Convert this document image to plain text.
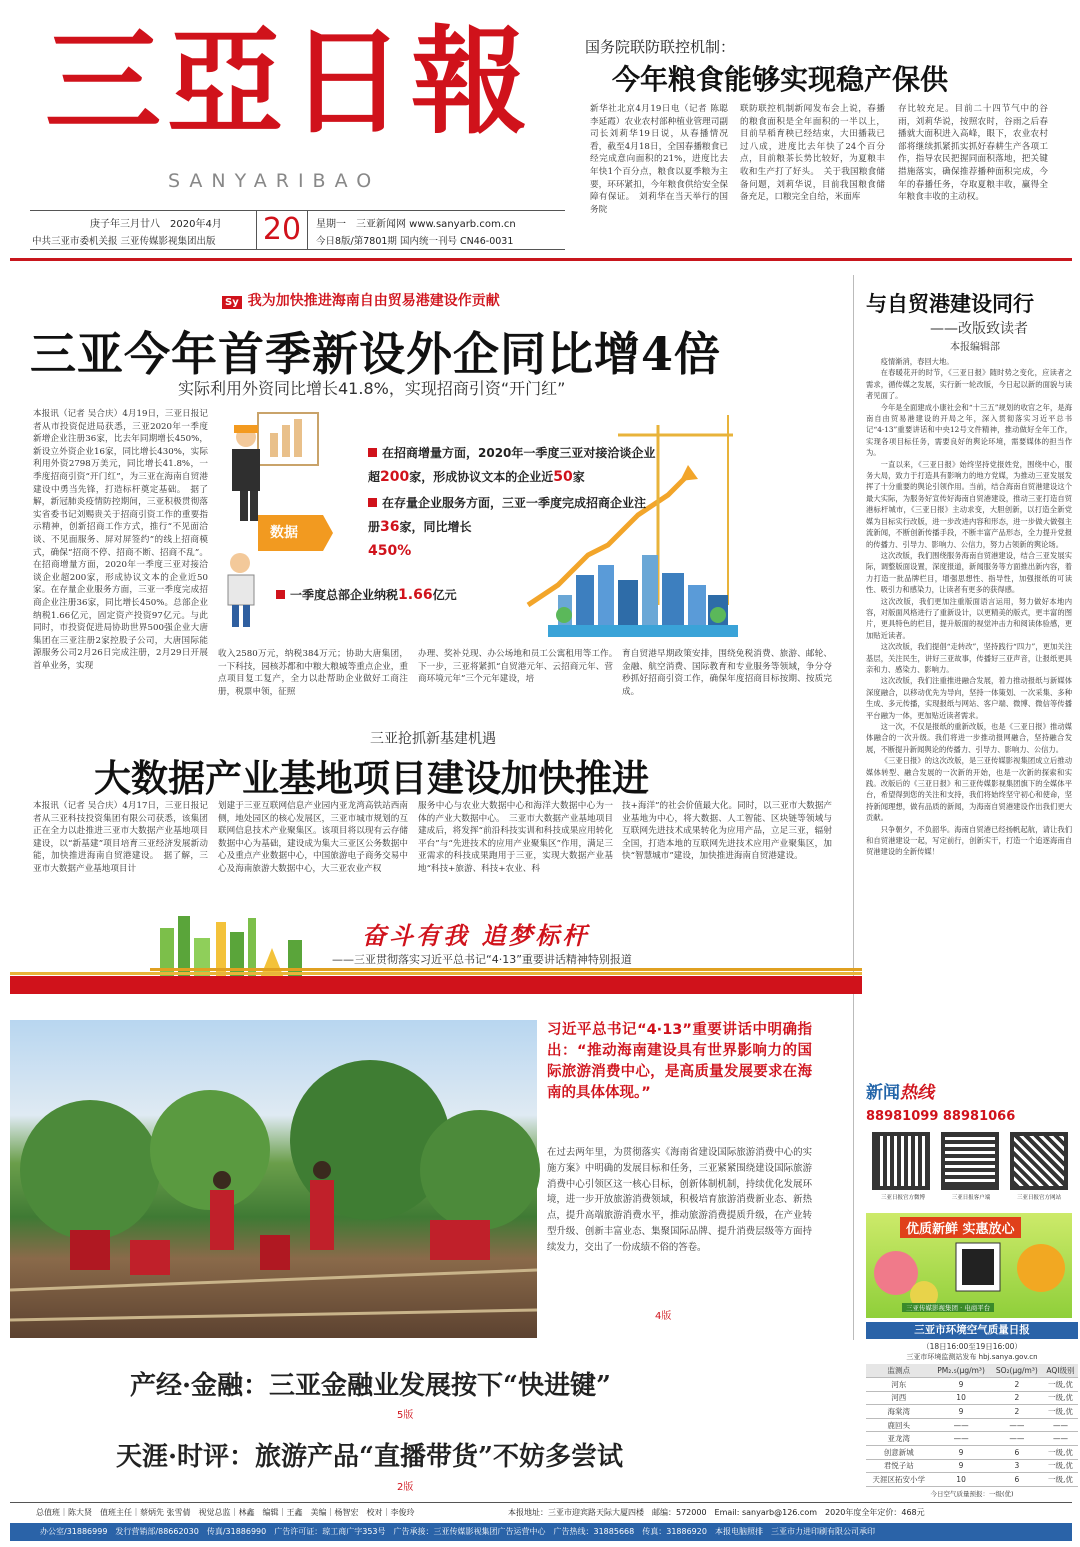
三亞日報
SANYARIBAO
庚子年三月廿八　 2020年4月
中共三亚市委机关报 三亚传媒影视集团出版 20	星期一　三亚新闻网 www.sanyarb.com.cn
今日8版/第7801期 国内统一刊号 CN46-0031
国务院联防联控机制：
今年粮食能够实现稳产保供
新华社北京4月19日电（记者 陈聪 李延霞）农业农村部种植业管理司副司长刘莉华19日说，从春播情况看，截至4月18日，全国春播粮食已经完成意向面积的21%，进度比去年快1个百分点，粮食以夏季粮为主要，环环紧扣，今年粮食供给安全保障有保证。　刘莉华在当天举行的国务院
联防联控机制新闻发布会上说，春播的粮食面积是全年面积的一半以上，目前早稻育秧已经结束，大田播栽已过八成，进度比去年快了24个百分点，目前粮茶长势比较好，为夏粮丰收和生产打了好头。　关于我国粮食储备问题，刘莉华说，目前我国粮食储备充足，口粮完全自给，米面库
存比较充足。目前二十四节气中的谷雨，刘莉华说，按照农时，谷雨之后春播就大面积进入高峰，眼下，农业农村部将继续抓紧抓实抓好春耕生产各项工作，指导农民把握同面积落地，把关键措施落实，确保推荐播种面积完成，今年的春播任务，夺取夏粮丰收，赢得全年粮食丰收的主动权。
Sy 我为加快推进海南自由贸易港建设作贡献
三亚今年首季新设外企同比增4倍
实际利用外资同比增长41.8%，实现招商引资“开门红”
本报讯（记者 吴合庆）4月19日，三亚日报记者从市投资促进局获悉，三亚2020年一季度新增企业注册36家，比去年同期增长450%，新设立外资企业16家，同比增长430%，实际利用外资2798万美元，同比增长41.8%，一季度招商引资“开门红”，为三亚在海南自贸港建设中勇当先锋，打造标杆奠定基础。　据了解，新冠肺炎疫情防控期间，三亚积极贯彻落实省委书记刘赐贵关于招商引资工作的重要指示精神，创新招商工作方式，推行“不见面洽谈、不见面服务、屏对屏签约”的线上招商模式，确保“招商不停、招商不断、招商不乱”。在招商增量方面，2020年一季度三亚对接洽谈企业超200家，形成协议文本的企业近50家。在存量企业服务方面，三亚一季度完成招商企业注册36家，同比增长450%。总部企业纳税1.66亿元，固定资产投资97亿元。与此同时，市投资促进局协助世界500强企业大唐集团在三亚注册2家控股子公司，大唐国际能源服务公司2月26日完成注册，2月29日开展首单业务，实现
数据
在招商增量方面，2020年一季度三亚对接洽谈企业超200家，形成协议文本的企业近50家
在存量企业服务方面，三亚一季度完成招商企业注册36家，同比增长
450%
一季度总部企业纳税1.66亿元
收入2580万元，纳税384万元；协助大唐集团，一下科技，园核苏都和中粮大粮城等重点企业，重点项目复工复产，全力以赴帮助企业做好工商注册，税票申领，征照
办理、奖补兑现、办公场地和员工公寓租用等工作。　下一步，三亚将紧抓“自贸港元年、云招商元年、营商环境元年”三个元年建设，培
育自贸港早期政策安排，围绕免税消费、旅游、邮轮、金融、航空消费、国际教育和专业服务等领域，争分夺秒抓好招商引资工作，确保年度招商目标按期、按质完成。
三亚抢抓新基建机遇
大数据产业基地项目建设加快推进
本报讯（记者 吴合庆）4月17日，三亚日报记者从三亚科技投资集团有限公司获悉，该集团正在全力以赴推进三亚市大数据产业基地项目建设，以“新基建”项目培育三亚经济发展新动能，加快推进海南自贸港建设。　据了解，三亚市大数据产业基地项目计
划建于三亚互联网信息产业园内亚龙湾高铁站西南侧，地处园区的核心发展区，三亚市城市规划的互联网信息技术产业聚集区。该项目将以现有云存储数据中心为基础，建设成为集大三亚区公务数据中心及重点产业数据中心，中国旅游电子商务交易中心及海南旅游大数据中心，大三亚农业产权
服务中心与农业大数据中心和海洋大数据中心为一体的产业大数据中心。　三亚市大数据产业基地项目建成后，将发挥“前沿科技实训和科技成果应用转化平台”与“先进技术的应用产业聚集区”作用，满足三亚需求的科技成果跑用于三亚，实现大数据产业基地“科技+旅游、科技+农业、科
技+海洋”的社会价值最大化。同时，以三亚市大数据产业基地为中心，将大数据、人工智能、区块链等领域与互联网先进技术成果转化为应用产品，立足三亚，辐射全国，打造本地的互联网先进技术应用产业聚集区，加快“智慧城市”建设，加快推进海南自贸港建设。
奋斗有我 追梦标杆
——三亚贯彻落实习近平总书记“4·13”重要讲话精神特别报道
习近平总书记“4·13”重要讲话中明确指出：“推动海南建设具有世界影响力的国际旅游消费中心，是高质量发展要求在海南的具体体现。”
在过去两年里，为贯彻落实《海南省建设国际旅游消费中心的实施方案》中明确的发展目标和任务，三亚紧紧围绕建设国际旅游消费中心引领区这一核心目标，创新体制机制，持续优化发展环境，进一步开放旅游消费领域，积极培育旅游消费新业态、新热点，提升高端旅游消费水平，推动旅游消费提质升级，在产业转型升级、创新丰富业态、集聚国际品牌、提升消费层级等方面持续发力，交出了一份成绩不俗的答卷。
4版
产经·金融：三亚金融业发展按下“快进键”
5版
天涯·时评：旅游产品“直播带货”不妨多尝试
2版
与自贸港建设同行
——改版致读者
本报编辑部

疫情渐消，春回大地。

在春暖花开的时节，《三亚日报》随时势之变化，应读者之需求，循传媒之发展，实行新一轮改版，今日起以新的面貌与读者见面了。

今年是全面建成小康社会和“十三五”规划的收官之年，是海南自由贸易港建设的开局之年，深入贯彻落实习近平总书记“4·13”重要讲话和中央12号文件精神，推动做好全年工作，实现各项目标任务，需要良好的舆论环境，需要媒体的担当作为。

一直以来，《三亚日报》始终坚持党报姓党，围绕中心，服务大局，致力于打造具有影响力的地方党媒，为推动三亚发展发挥了十分重要的舆论引领作用。当前，结合海南自贸港建设这个最大实际，为服务好宣传好海南自贸港建设，推动三亚打造自贸港标杆城市，《三亚日报》主动求变，大胆创新，以打造全新党媒为目标实行改版，进一步改进内容和形态，进一步做大做强主流新闻，不断创新传播手段，不断丰富产品形态，全力提升党报的传播力、引导力、影响力、公信力，努力占领新的舆论场。

这次改版，我们围绕服务海南自贸港建设，结合三亚发展实际，调整版面设置，深度报道，新闻服务等方面推出新内容，着力打造一批品牌栏目，增强思想性、指导性，加强报纸的可读性、吸引力和感染力，让读者有更多的获得感。

这次改版，我们更加注重版面语言运用，努力做好本地内容，对版面风格进行了重新设计，以更精美的版式，更丰富的图片，更具特色的栏目，提升版面的视觉冲击力和阅读体验感，更加贴近读者。

这次改版，我们提倡“走转改”，坚持践行“四力”，更加关注基层，关注民生，讲好三亚故事，传播好三亚声音，让报纸更具亲和力、感染力、影响力。

这次改版，我们注重推进融合发展，着力推动报纸与新媒体深度融合，以移动优先为导向，坚持一体策划、一次采集、多种生成、多元传播，实现报纸与网站、客户端、微博、微信等传播平台融为一体，更加贴近读者需求。

这一次，不仅是报纸的重新改版，也是《三亚日报》推动媒体融合的一次升级。我们将进一步推动报网融合，坚持融合发展，不断提升新闻舆论的传播力、引导力、影响力、公信力。

《三亚日报》的这次改版，是三亚传媒影视集团成立后推动媒体转型、融合发展的一次新的开始，也是一次新的探索和实践。改版后的《三亚日报》和三亚传媒影视集团旗下的全媒体平台，希望得到您的关注和支持，我们将始终坚守初心和使命，坚持新闻理想，做有品质的新闻，为海南自贸港建设作出我们更大贡献。

只争朝夕，不负韶华。海南自贸港已经扬帆起航，请让我们和自贸港建设一起，写定前行，创新实干，打造一个追逐海南自贸港建设的全新传媒！

新闻热线
88981099 88981066
三亚日报官方微博	三亚日报客户端	三亚日报官方网站
优质新鲜 实惠放心
三亚传媒影视集团 · 电商平台
三亚市环境空气质量日报
（18日16:00至19日16:00）
三亚市环境监测站发布 hbj.sanya.gov.cn
监测点	PM₂.₅(μg/m³)	SO₂(μg/m³)	AQI级别
河东	9	2	一级,优
河西	10	2	一级,优
海棠湾	9	2	一级,优
鹿回头	——	——	——
亚龙湾	——	——	——
创意新城	9	6	一级,优
君悦子站	9	3	一级,优
天涯区拓安小学	10	6	一级,优
今日空气质量预报：一级(优)
总值班｜陈大贤　值班主任｜蔡炳先 张雪倩　视觉总监｜林鑫　编辑｜王鑫　美编｜杨智宏　校对｜李俊玲	本报地址：三亚市迎宾路天际大厦四楼　邮编：572000　Email: sanyarb@126.com　2020年度全年定价：468元
办公室/31886999　发行营销部/88662030　传真/31886990　广告许可证：琼工商广字353号　广告承接：三亚传媒影视集团广告运营中心　广告热线：31885668　传真：31886920　本报电脑照排　三亚市力进印刷有限公司承印
